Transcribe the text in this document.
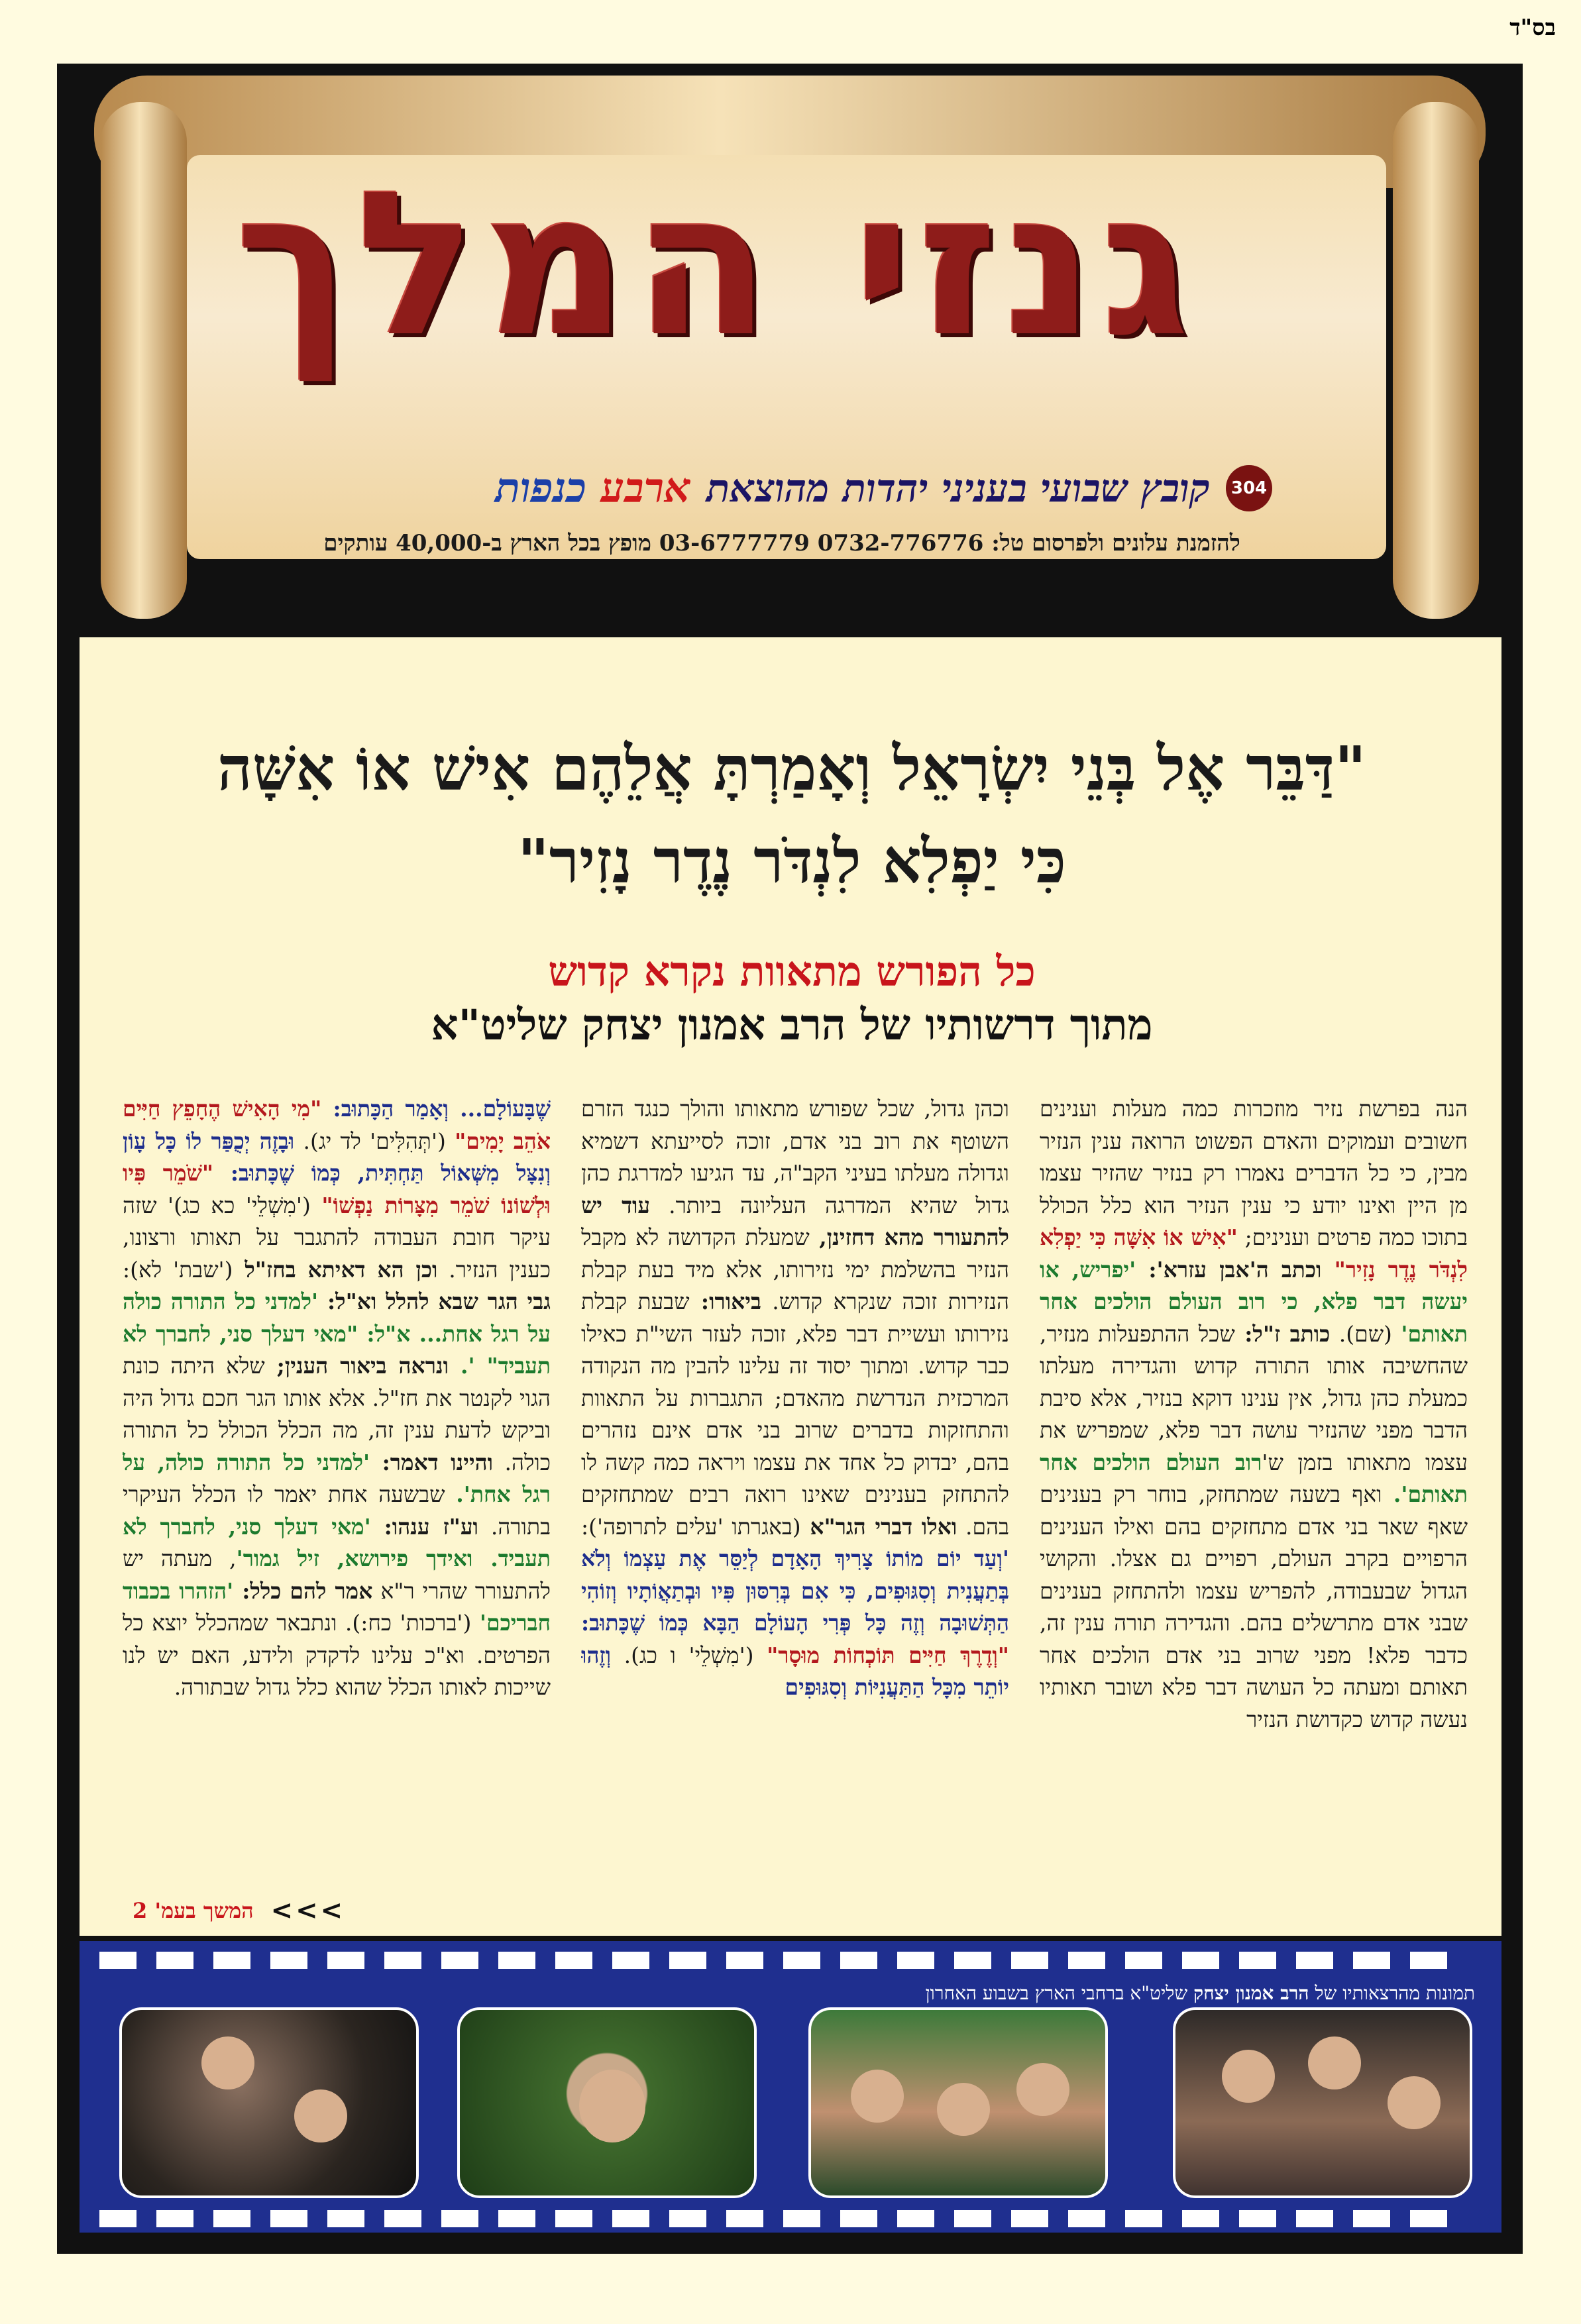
בס"ד
גנזי המלך
304
קובץ שבועי בעניני יהדות מהוצאת
ארבע כנפות
להזמנת עלונים ולפרסום טל: 0732-776776 03-6777779 מופץ בכל הארץ ב-40,000 עותקים
"דַּבֵּר אֶל בְּנֵי יִשְׂרָאֵל וְאָמַרְתָּ אֲלֵהֶם אִישׁ אוֹ אִשָּׁה
כִּי יַפְלִא לִנְדֹּר נֶדֶר נָזִיר"
כל הפורש מתאוות נקרא קדוש
מתוך דרשותיו של הרב אמנון יצחק שליט"א
הנה בפרשת נזיר מוזכרות כמה מעלות וענינים חשובים ועמוקים והאדם הפשוט הרואה ענין הנזיר מבין, כי כל הדברים נאמרו רק בנזיר שהזיר עצמו מן היין ואינו יודע כי ענין הנזיר הוא כלל הכולל בתוכו כמה פרטים וענינים; "אִישׁ אוֹ אִשָּׁה כִּי יַפְלִא לִנְדֹּר נֶדֶר נָזִיר" וכתב ה'אבן עזרא': 'יפריש, או יעשה דבר פלא, כי רוב העולם הולכים אחר תאותם' (שם). כותב ז"ל: שכל ההתפעלות מנזיר, שהחשיבה אותו התורה קדוש והגדירה מעלתו כמעלת כהן גדול, אין ענינו דוקא בנזיר, אלא סיבת הדבר מפני שהנזיר עושה דבר פלא, שמפריש את עצמו מתאותו בזמן ש'רוב העולם הולכים אחר תאותם'. ואף בשעה שמתחזק, בוחר רק בענינים שאף שאר בני אדם מתחזקים בהם ואילו הענינים הרפויים בקרב העולם, רפויים גם אצלו. והקושי הגדול שבעבודה, להפריש עצמו ולהתחזק בענינים שבני אדם מתרשלים בהם. והגדירה תורה ענין זה, כדבר פלא! מפני שרוב בני אדם הולכים אחר תאותם ומעתה כל העושה דבר פלא ושובר תאותיו נעשה קדוש כקדושת הנזיר
וכהן גדול, שכל שפורש מתאותו והולך כנגד הזרם השוטף את רוב בני אדם, זוכה לסייעתא דשמיא וגדולה מעלתו בעיני הקב"ה, עד הגיעו למדרגת כהן גדול שהיא המדרגה העליונה ביותר. עוד יש להתעורר מהא דחזינן, שמעלת הקדושה לא מקבל הנזיר בהשלמת ימי נזירותו, אלא מיד בעת קבלת הנזירות זוכה שנקרא קדוש. ביאורו: שבעת קבלת נזירותו ועשיית דבר פלא, זוכה לעזר השי"ת כאילו כבר קדוש. ומתוך יסוד זה עלינו להבין מה הנקודה המרכזית הנדרשת מהאדם; התגברות על התאוות והתחזקות בדברים שרוב בני אדם אינם נזהרים בהם, יבדוק כל אחד את עצמו ויראה כמה קשה לו להתחזק בענינים שאינו רואה רבים שמתחזקים בהם. ואלו דברי הגר"א (באגרתו 'עלים לתרופה'): 'וְעַד יוֹם מוֹתוֹ צָרִיךְ הָאָדָם לְיַסֵּר אֶת עַצְמוֹ וְלֹא בְּתַעֲנִית וְסִגּוּפִים, כִּי אִם בְּרִסּוּן פִּיו וּבְתַאֲוֹתָיו וְזוֹהִי הַתְּשׁוּבָה וְזֶה כָּל פְּרִי הָעוֹלָם הַבָּא כְּמוֹ שֶׁכָּתוּב: "וְדֶרֶךְ חַיִּים תּוֹכְחוֹת מוּסָר" ('מִשְׁלֵי' ו כג). וְזֶהוּ יוֹתֵר מִכָּל הַתַּעֲנִיּוֹת וְסִגּוּפִים
שֶׁבָּעוֹלָם... וְאָמַר הַכָּתוּב: "מִי הָאִישׁ הֶחָפֵץ חַיִּים אֹהֵב יָמִים" ('תְּהִלִּים' לד יג). וּבָזֶה יְכֻפַּר לוֹ כָּל עָוֹן וְנִצָּל מִשְּׁאוֹל תַּחְתִּית, כְּמוֹ שֶׁכָּתוּב: "שֹׁמֵר פִּיו וּלְשׁוֹנוֹ שֹׁמֵר מִצָּרוֹת נַפְשׁוֹ" ('מִשְׁלֵי' כא כג)' שזה עיקר חובת העבודה להתגבר על תאותו ורצונו, כענין הנזיר. וכן הא דאיתא בחז"ל ('שבת' לא): גבי הגר שבא להלל וא"ל: 'למדני כל התורה כולה על רגל אחת... א"ל: "מאי דעלך סני, לחברך לא תעביד" '. ונראה ביאור הענין; שלא היתה כונת הגוי לקנטר את חז"ל. אלא אותו הגר חכם גדול היה וביקש לדעת ענין זה, מה הכלל הכולל כל התורה כולה. והיינו דאמר: 'למדני כל התורה כולה, על רגל אחת'. שבשעה אחת יאמר לו הכלל העיקרי בתורה. וע"ז ענהו: 'מאי דעלך סני, לחברך לא תעביד. ואידך פירושא, זיל גמור', מעתה יש להתעורר שהרי ר"א אמר להם כלל: 'הזהרו בכבוד חבריכם' ('ברכות' כח:). ונתבאר שמהכלל יוצא כל הפרטים. וא"כ עלינו לדקדק ולידע, האם יש לנו שייכות לאותו הכלל שהוא כלל גדול שבתורה.
>>>
המשך בעמ' 2
תמונות מהרצאותיו של הרב אמנון יצחק שליט"א ברחבי הארץ בשבוע האחרון
